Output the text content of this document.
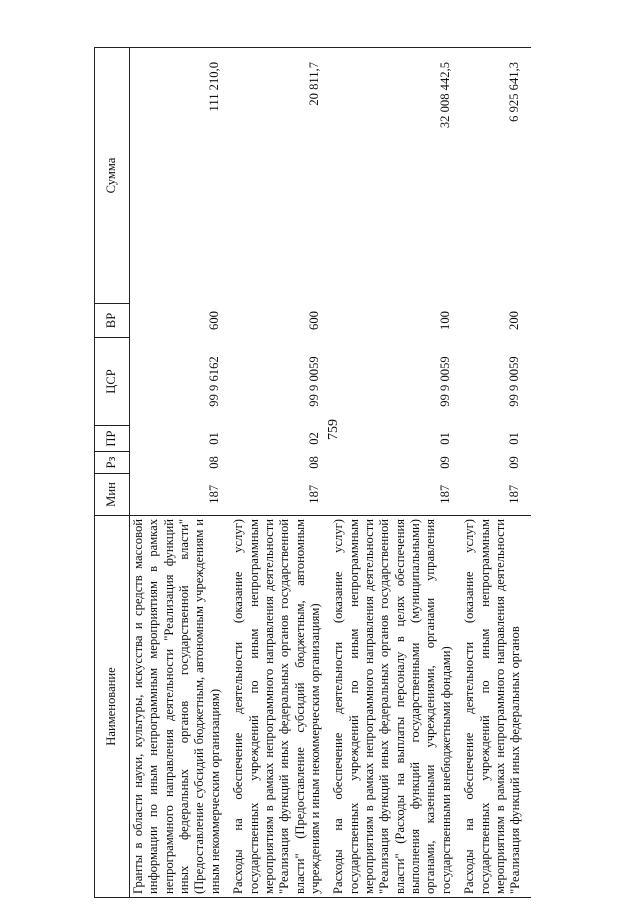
759
Наименование	Мин	Рз	ПР	ЦСР	ВР	Сумма
Гранты в области науки, культуры, искусства и средств массовой информации по иным непрограммным мероприятиям в рамках непрограммного направления деятельности "Реализация функций иных федеральных органов государственной власти" (Предоставление субсидий бюджетным, автономным учреждениям и иным некоммерческим организациям)	187	08	01	99 9 6162	600	111 210,0
Расходы на обеспечение деятельности (оказание услуг) государственных учреждений по иным непрограммным мероприятиям в рамках непрограммного направления деятельности "Реализация функций иных федеральных органов государственной власти" (Предоставление субсидий бюджетным, автономным учреждениям и иным некоммерческим организациям)	187	08	02	99 9 0059	600	20 811,7
Расходы на обеспечение деятельности (оказание услуг) государственных учреждений по иным непрограммным мероприятиям в рамках непрограммного направления деятельности "Реализация функций иных федеральных органов государственной власти" (Расходы на выплаты персоналу в целях обеспечения выполнения функций государственными (муниципальными) органами, казенными учреждениями, органами управления государственными внебюджетными фондами)	187	09	01	99 9 0059	100	32 008 442,5
Расходы на обеспечение деятельности (оказание услуг) государственных учреждений по иным непрограммным мероприятиям в рамках непрограммного направления деятельности "Реализация функций иных федеральных органов	187	09	01	99 9 0059	200	6 925 641,3
